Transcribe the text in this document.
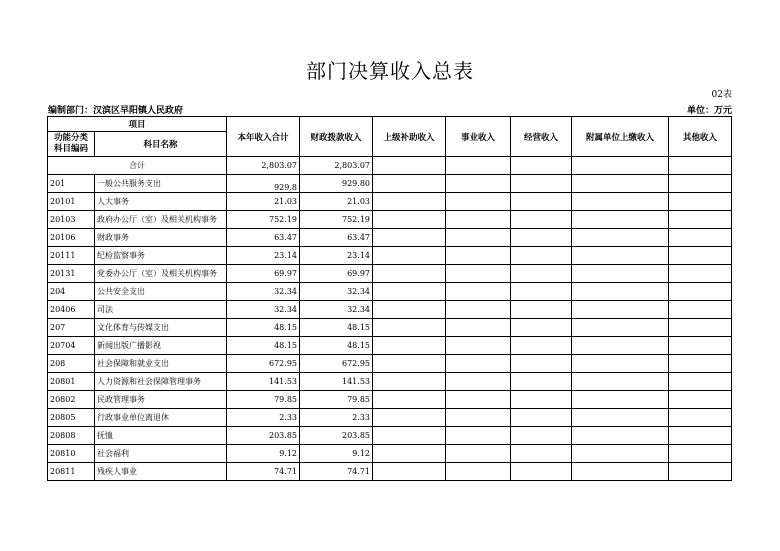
部门决算收入总表
02表
编制部门：汉滨区早阳镇人民政府	单位：万元
项目		本年收入合计	财政拨款收入	上级补助收入	事业收入	经营收入	附属单位上缴收入	其他收入

功能分类
科目编码	科目名称							
合计		2,803.07	2,803.07					
201	一般公共服务支出	929.8	929.80					
20101	人大事务	21.03	21.03					
20103	政府办公厅（室）及相关机构事务	752.19	752.19					
20106	财政事务	63.47	63.47					
20111	纪检监察事务	23.14	23.14					
20131	党委办公厅（室）及相关机构事务	69.97	69.97					
204	公共安全支出	32.34	32.34					
20406	司法	32.34	32.34					
207	文化体育与传媒支出	48.15	48.15					
20704	新闻出版广播影视	48.15	48.15					
208	社会保障和就业支出	672.95	672.95					
20801	人力资源和社会保障管理事务	141.53	141.53					
20802	民政管理事务	79.85	79.85					
20805	行政事业单位离退休	2.33	2.33					
20808	抚恤	203.85	203.85					
20810	社会福利	9.12	9.12					
20811	残疾人事业	74.71	74.71					
